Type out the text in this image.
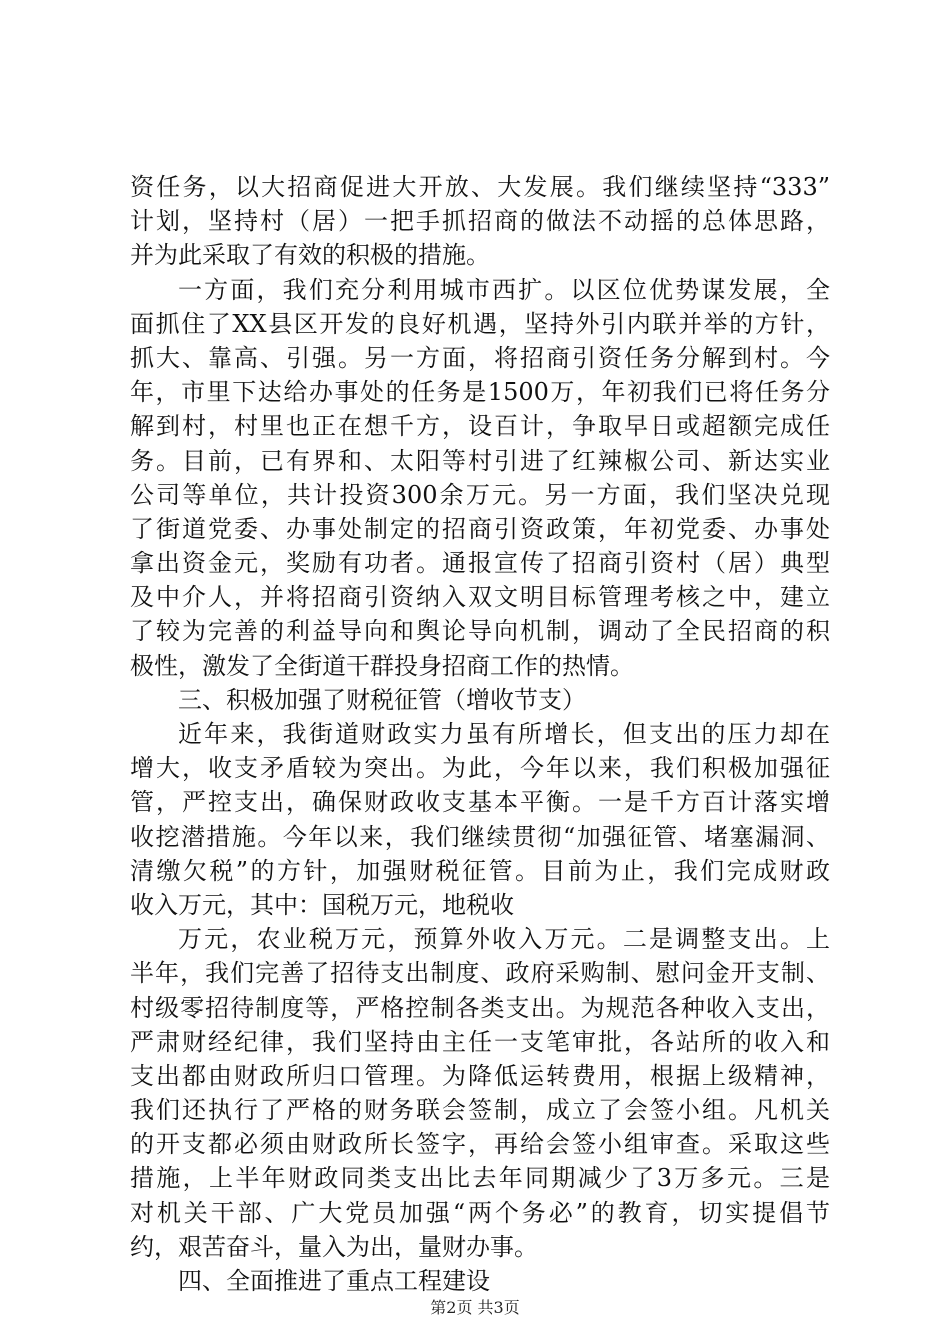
资任务，以大招商促进大开放、大发展。我们继续坚持“333”
计划，坚持村（居）一把手抓招商的做法不动摇的总体思路，
并为此采取了有效的积极的措施。
一方面，我们充分利用城市西扩。以区位优势谋发展，全
面抓住了XX县区开发的良好机遇，坚持外引内联并举的方针，
抓大、靠高、引强。另一方面，将招商引资任务分解到村。今
年，市里下达给办事处的任务是1500万，年初我们已将任务分
解到村，村里也正在想千方，设百计，争取早日或超额完成任
务。目前，已有界和、太阳等村引进了红辣椒公司、新达实业
公司等单位，共计投资300余万元。另一方面，我们坚决兑现
了街道党委、办事处制定的招商引资政策，年初党委、办事处
拿出资金元，奖励有功者。通报宣传了招商引资村（居）典型
及中介人，并将招商引资纳入双文明目标管理考核之中，建立
了较为完善的利益导向和舆论导向机制，调动了全民招商的积
极性，激发了全街道干群投身招商工作的热情。
三、积极加强了财税征管（增收节支）
近年来，我街道财政实力虽有所增长，但支出的压力却在
增大，收支矛盾较为突出。为此，今年以来，我们积极加强征
管，严控支出，确保财政收支基本平衡。一是千方百计落实增
收挖潜措施。今年以来，我们继续贯彻“加强征管、堵塞漏洞、
清缴欠税”的方针，加强财税征管。目前为止，我们完成财政
收入万元，其中：国税万元，地税收
万元，农业税万元，预算外收入万元。二是调整支出。上
半年，我们完善了招待支出制度、政府采购制、慰问金开支制、
村级零招待制度等，严格控制各类支出。为规范各种收入支出，
严肃财经纪律，我们坚持由主任一支笔审批，各站所的收入和
支出都由财政所归口管理。为降低运转费用，根据上级精神，
我们还执行了严格的财务联会签制，成立了会签小组。凡机关
的开支都必须由财政所长签字，再给会签小组审查。采取这些
措施，上半年财政同类支出比去年同期减少了3万多元。三是
对机关干部、广大党员加强“两个务必”的教育，切实提倡节
约，艰苦奋斗，量入为出，量财办事。
四、全面推进了重点工程建设
第2页 共3页
